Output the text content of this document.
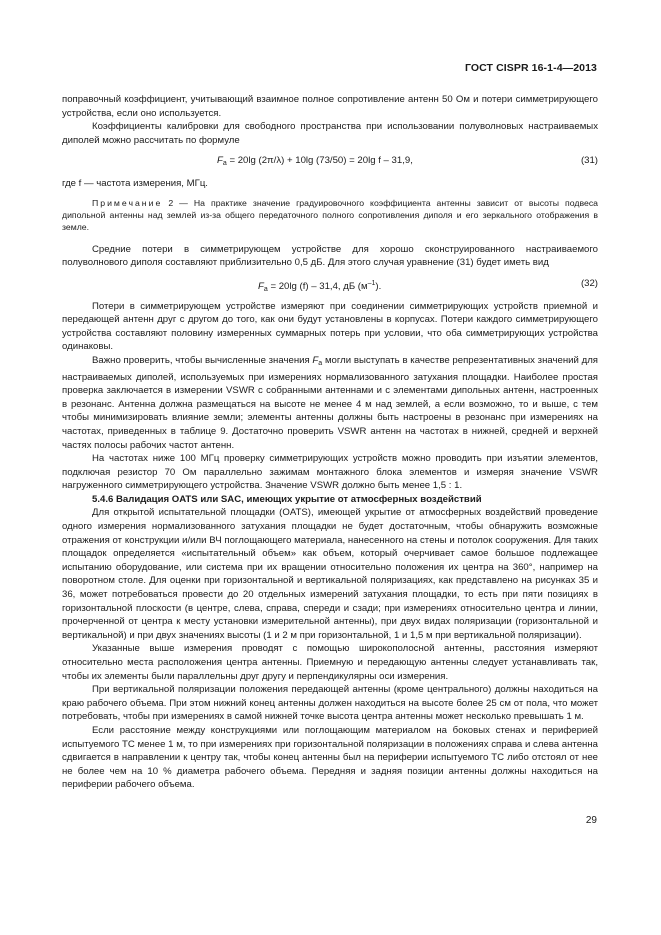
ГОСТ CISPR 16-1-4—2013

поправочный коэффициент, учитывающий взаимное полное сопротивление антенн 50 Ом и потери симметрирующего устройства, если оно используется.

Коэффициенты калибровки для свободного пространства при использовании полуволновых настраиваемых диполей можно рассчитать по формуле

$F_a = 20\lg$ (2π/λ) + 10lg (73/50) = 20lg f – 31,9,	(31)

где f — частота измерения, МГц.

Примечание 2 — На практике значение градуировочного коэффициента антенны зависит от высоты подвеса дипольной антенны над землей из-за общего передаточного полного сопротивления диполя и его зеркального отображения в земле.

Средние потери в симметрирующем устройстве для хорошо сконструированного настраиваемого полуволнового диполя составляют приблизительно 0,5 дБ. Для этого случая уравнение (31) будет иметь вид

$F_a = 20\lg$ (f) – 31,4, дБ $(м^{-1})$.	(32)

Потери в симметрирующем устройстве измеряют при соединении симметрирующих устройств приемной и передающей антенн друг с другом до того, как они будут установлены в корпусах. Потери каждого симметрирующего устройства составляют половину измеренных суммарных потерь при условии, что оба симметрирующих устройства одинаковы.

Важно проверить, чтобы вычисленные значения $F_a$ могли выступать в качестве репрезентативных значений для настраиваемых диполей, используемых при измерениях нормализованного затухания площадки. Наиболее простая проверка заключается в измерении VSWR с собранными антеннами и с элементами дипольных антенн, настроенных в резонанс. Антенна должна размещаться на высоте не менее 4 м над землей, а если возможно, то и выше, с тем чтобы минимизировать влияние земли; элементы антенны должны быть настроены в резонанс при измерениях на частотах, приведенных в таблице 9. Достаточно проверить VSWR антенн на частотах в нижней, средней и верхней частях полосы рабочих частот антенн.

На частотах ниже 100 МГц проверку симметрирующих устройств можно проводить при изъятии элементов, подключая резистор 70 Ом параллельно зажимам монтажного блока элементов и измеряя значение VSWR нагруженного симметрирующего устройства. Значение VSWR должно быть менее 1,5 : 1.

5.4.6 Валидация OATS или SAC, имеющих укрытие от атмосферных воздействий

Для открытой испытательной площадки (OATS), имеющей укрытие от атмосферных воздействий проведение одного измерения нормализованного затухания площадки не будет достаточным, чтобы обнаружить возможные отражения от конструкции и/или ВЧ поглощающего материала, нанесенного на стены и потолок сооружения. Для таких площадок определяется «испытательный объем» как объем, который очерчивает самое большое подлежащее испытанию оборудование, или система при их вращении относительно положения их центра на 360°, например на поворотном столе. Для оценки при горизонтальной и вертикальной поляризациях, как представлено на рисунках 35 и 36, может потребоваться провести до 20 отдельных измерений затухания площадки, то есть при пяти позициях в горизонтальной плоскости (в центре, слева, справа, спереди и сзади; при измерениях относительно центра и линии, прочерченной от центра к месту установки измерительной антенны), при двух видах поляризации (горизонтальной и вертикальной) и при двух значениях высоты (1 и 2 м при горизонтальной, 1 и 1,5 м при вертикальной поляризации).

Указанные выше измерения проводят с помощью широкополосной антенны, расстояния измеряют относительно места расположения центра антенны. Приемную и передающую антенны следует устанавливать так, чтобы их элементы были параллельны друг другу и перпендикулярны оси измерения.

При вертикальной поляризации положения передающей антенны (кроме центрального) должны находиться на краю рабочего объема. При этом нижний конец антенны должен находиться на высоте более 25 см от пола, что может потребовать, чтобы при измерениях в самой нижней точке высота центра антенны может несколько превышать 1 м.

Если расстояние между конструкциями или поглощающим материалом на боковых стенах и периферией испытуемого ТС менее 1 м, то при измерениях при горизонтальной поляризации в положениях справа и слева антенна сдвигается в направлении к центру так, чтобы конец антенны был на периферии испытуемого ТС либо отстоял от нее не более чем на 10 % диаметра рабочего объема. Передняя и задняя позиции антенны должны находиться на периферии рабочего объема.

29
